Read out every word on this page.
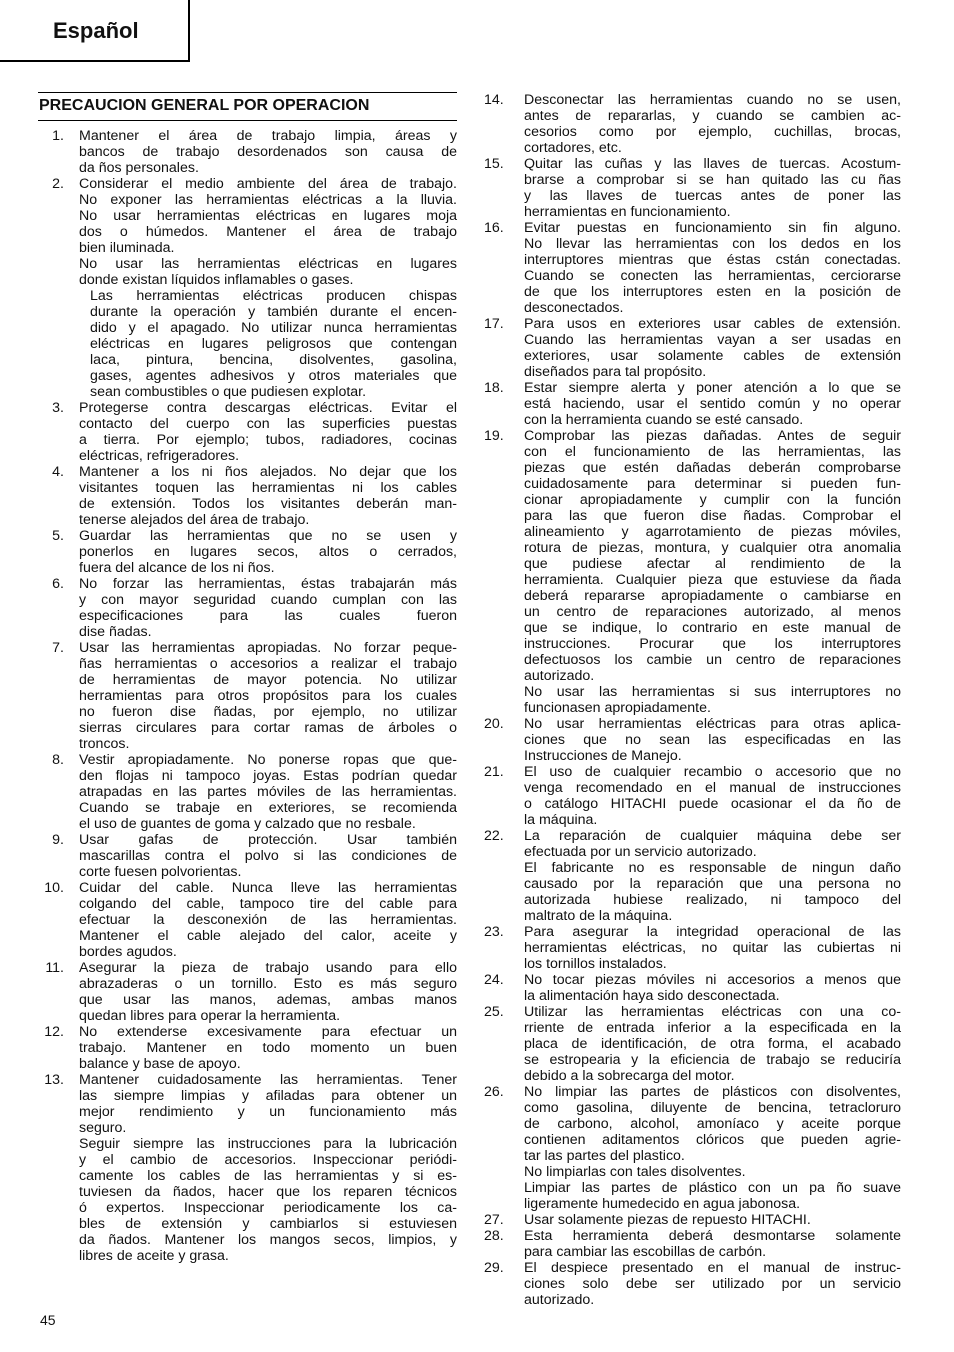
Español
PRECAUCION GENERAL POR OPERACION
1. Mantener el área de trabajo limpia, áreas y
bancos de trabajo desordenados son causa de
da ños personales.
2. Considerar el medio ambiente del área de trabajo.
No exponer las herramientas eléctricas a la lluvia.
No usar herramientas eléctricas en lugares moja
dos o húmedos. Mantener el área de trabajo
bien iluminada.
No usar las herramientas eléctricas en lugares
donde existan líquidos inflamables o gases.
Las herramientas eléctricas producen chispas
durante la operación y también durante el encen-
dido y el apagado. No utilizar nunca herramientas
eléctricas en lugares peligrosos que contengan
laca, pintura, bencina, disolventes, gasolina,
gases, agentes adhesivos y otros materiales que
sean combustibles o que pudiesen explotar.
3. Protegerse contra descargas eléctricas. Evitar el
contacto del cuerpo con las superficies puestas
a tierra. Por ejemplo; tubos, radiadores, cocinas
eléctricas, refrigeradores.
4. Mantener a los ni ños alejados. No dejar que los
visitantes toquen las herramientas ni los cables
de extensión. Todos los visitantes deberán man-
tenerse alejados del área de trabajo.
5. Guardar las herramientas que no se usen y
ponerlos en lugares secos, altos o cerrados,
fuera del alcance de los ni ños.
6. No forzar las herramientas, éstas trabajarán más
y con mayor seguridad cuando cumplan con las
especificaciones para las cuales fueron
dise ñadas.
7. Usar las herramientas apropiadas. No forzar peque-
ñas herramientas o accesorios a realizar el trabajo
de herramientas de mayor potencia. No utilizar
herramientas para otros propósitos para los cuales
no fueron dise ñadas, por ejemplo, no utilizar
sierras circulares para cortar ramas de árboles o
troncos.
8. Vestir apropiadamente. No ponerse ropas que que-
den flojas ni tampoco joyas. Estas podrían quedar
atrapadas en las partes móviles de las herramientas.
Cuando se trabaje en exteriores, se recomienda
el uso de guantes de goma y calzado que no resbale.
9. Usar gafas de protección. Usar también
mascarillas contra el polvo si las condiciones de
corte fuesen polvorientas.
10. Cuidar del cable. Nunca lleve las herramientas
colgando del cable, tampoco tire del cable para
efectuar la desconexión de las herramientas.
Mantener el cable alejado del calor, aceite y
bordes agudos.
11. Asegurar la pieza de trabajo usando para ello
abrazaderas o un tornillo. Esto es más seguro
que usar las manos, ademas, ambas manos
quedan libres para operar la herramienta.
12. No extenderse excesivamente para efectuar un
trabajo. Mantener en todo momento un buen
balance y base de apoyo.
13. Mantener cuidadosamente las herramientas. Tener
las siempre limpias y afiladas para obtener un
mejor rendimiento y un funcionamiento más
seguro.
Seguir siempre las instrucciones para la lubricación
y el cambio de accesorios. Inspeccionar periódi-
camente los cables de las herramientas y si es-
tuviesen da ñados, hacer que los reparen técnicos
ó expertos. Inspeccionar periodicamente los ca-
bles de extensión y cambiarlos si estuviesen
da ñados. Mantener los mangos secos, limpios, y
libres de aceite y grasa.
14.	Desconectar las herramientas cuando no se usen,
antes de repararlas, y cuando se cambien ac-
cesorios como por ejemplo, cuchillas, brocas,
cortadores, etc.
15.	Quitar las cuñas y las llaves de tuercas. Acostum-
brarse a comprobar si se han quitado las cu ñas
y las llaves de tuercas antes de poner las
herramientas en funcionamiento.
16.	Evitar puestas en funcionamiento sin fin alguno.
No llevar las herramientas con los dedos en los
interruptores mientras que éstas cstán conectadas.
Cuando se conecten las herramientas, cerciorarse
de que los interruptores esten en la posición de
desconectados.
17.	Para usos en exteriores usar cables de extensión.
Cuando las herramientas vayan a ser usadas en
exteriores, usar solamente cables de extensión
diseñados para tal propósito.
18.	Estar siempre alerta y poner atención a lo que se
está haciendo, usar el sentido común y no operar
con la herramienta cuando se esté cansado.
19.	Comprobar las piezas dañadas. Antes de seguir
con el funcionamiento de las herramientas, las
piezas que estén dañadas deberán comprobarse
cuidadosamente para determinar si pueden fun-
cionar apropiadamente y cumplir con la función
para las que fueron dise ñadas. Comprobar el
alineamiento y agarrotamiento de piezas móviles,
rotura de piezas, montura, y cualquier otra anomalia
que pudiese afectar al rendimiento de la
herramienta. Cualquier pieza que estuviese da ñada
deberá repararse apropiadamente o cambiarse en
un centro de reparaciones autorizado, al menos
que se indique, lo contrario en este manual de
instrucciones. Procurar que los interruptores
defectuosos los cambie un centro de reparaciones
autorizado.
No usar las herramientas si sus interruptores no
funcionasen apropiadamente.
20.	No usar herramientas eléctricas para otras aplica-
ciones que no sean las especificadas en las
Instrucciones de Manejo.
21.	El uso de cualquier recambio o accesorio que no
venga recomendado en el manual de instrucciones
o catálogo HITACHI puede ocasionar el da ño de
la máquina.
22.	La reparación de cualquier máquina debe ser
efectuada por un servicio autorizado.
El fabricante no es responsable de ningun daño
causado por la reparación que una persona no
autorizada hubiese realizado, ni tampoco del
maltrato de la máquina.
23.	Para asegurar la integridad operacional de las
herramientas eléctricas, no quitar las cubiertas ni
los tornillos instalados.
24.	No tocar piezas móviles ni accesorios a menos que
la alimentación haya sido desconectada.
25.	Utilizar las herramientas eléctricas con una co-
rriente de entrada inferior a la especificada en la
placa de identificación, de otra forma, el acabado
se estropearia y la eficiencia de trabajo se reduciría
debido a la sobrecarga del motor.
26.	No limpiar las partes de plásticos con disolventes,
como gasolina, diluyente de bencina, tetracloruro
de carbono, alcohol, amoníaco y aceite porque
contienen aditamentos clóricos que pueden agrie-
tar las partes del plastico.
No limpiarlas con tales disolventes.
Limpiar las partes de plástico con un pa ño suave
ligeramente humedecido en agua jabonosa.
27.	Usar solamente piezas de repuesto HITACHI.
28.	Esta herramienta deberá desmontarse solamente
para cambiar las escobillas de carbón.
29.	El despiece presentado en el manual de instruc-
ciones solo debe ser utilizado por un servicio
autorizado.
45
